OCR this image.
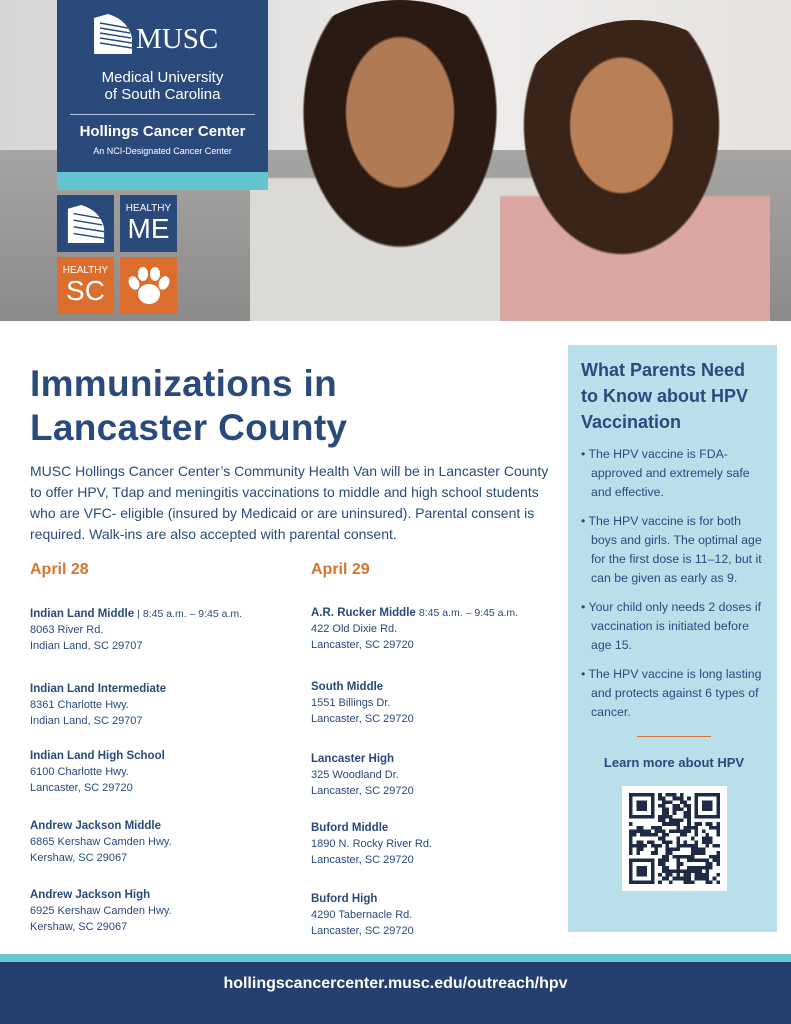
MUSC
Medical University
of South Carolina
Hollings Cancer Center
An NCI-Designated Cancer Center
HEALTHY
ME
HEALTHY
SC
Immunizations in
Lancaster County

MUSC Hollings Cancer Center’s Community Health Van will be in Lancaster County to offer HPV, Tdap and meningitis vaccinations to middle and high school students who are VFC- eligible (insured by Medicaid or are uninsured). Parental consent is required. Walk-ins are also accepted with parental consent.

April 28	April 29
Indian Land Middle | 8:45 a.m. – 9:45 a.m.
8063 River Rd.
Indian Land, SC 29707
Indian Land Intermediate
8361 Charlotte Hwy.
Indian Land, SC 29707
Indian Land High School
6100 Charlotte Hwy.
Lancaster, SC 29720
Andrew Jackson Middle
6865 Kershaw Camden Hwy.
Kershaw, SC 29067
Andrew Jackson High
6925 Kershaw Camden Hwy.
Kershaw, SC 29067
A.R. Rucker Middle 8:45 a.m. – 9:45 a.m.
422 Old Dixie Rd.
Lancaster, SC 29720
South Middle
1551 Billings Dr.
Lancaster, SC 29720
Lancaster High
325 Woodland Dr.
Lancaster, SC 29720
Buford Middle
1890 N. Rocky River Rd.
Lancaster, SC 29720
Buford High
4290 Tabernacle Rd.
Lancaster, SC 29720
What Parents Need to Know about HPV Vaccination
• The HPV vaccine is FDA-approved and extremely safe and effective.
• The HPV vaccine is for both boys and girls. The optimal age for the first dose is 11–12, but it can be given as early as 9.
• Your child only needs 2 doses if vaccination is initiated before age 15.
• The HPV vaccine is long lasting and protects against 6 types of cancer.
Learn more about HPV
hollingscancercenter.musc.edu/outreach/hpv
